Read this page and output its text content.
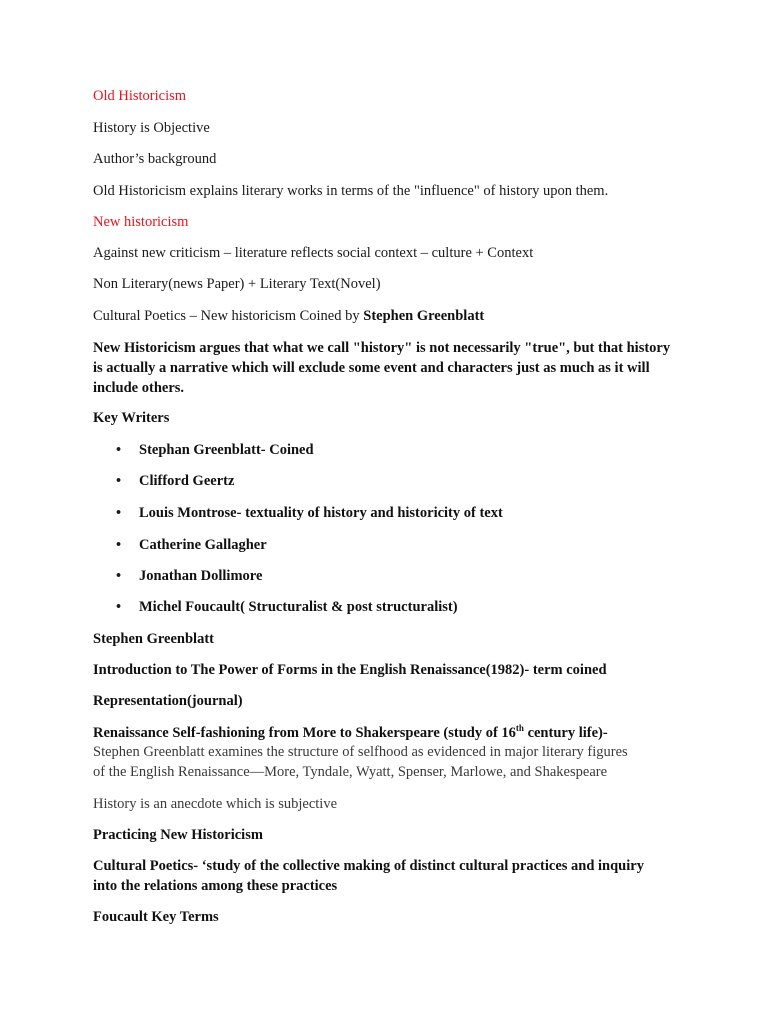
Old Historicism
History is Objective
Author’s background
Old Historicism explains literary works in terms of the "influence" of history upon them.
New historicism
Against new criticism – literature reflects social context – culture + Context
Non Literary(news Paper) + Literary Text(Novel)
Cultural Poetics – New historicism Coined by Stephen Greenblatt
New Historicism argues that what we call "history" is not necessarily "true", but that history is actually a narrative which will exclude some event and characters just as much as it will include others.
Key Writers
• Stephan Greenblatt- Coined
• Clifford Geertz
• Louis Montrose- textuality of history and historicity of text
• Catherine Gallagher
• Jonathan Dollimore
• Michel Foucault( Structuralist & post structuralist)
Stephen Greenblatt
Introduction to The Power of Forms in the English Renaissance(1982)- term coined
Representation(journal)
Renaissance Self-fashioning from More to Shakerspeare (study of 16th century life)-
Stephen Greenblatt examines the structure of selfhood as evidenced in major literary figures
of the English Renaissance—More, Tyndale, Wyatt, Spenser, Marlowe, and Shakespeare
History is an anecdote which is subjective
Practicing New Historicism
Cultural Poetics- ‘study of the collective making of distinct cultural practices and inquiry into the relations among these practices
Foucault Key Terms
